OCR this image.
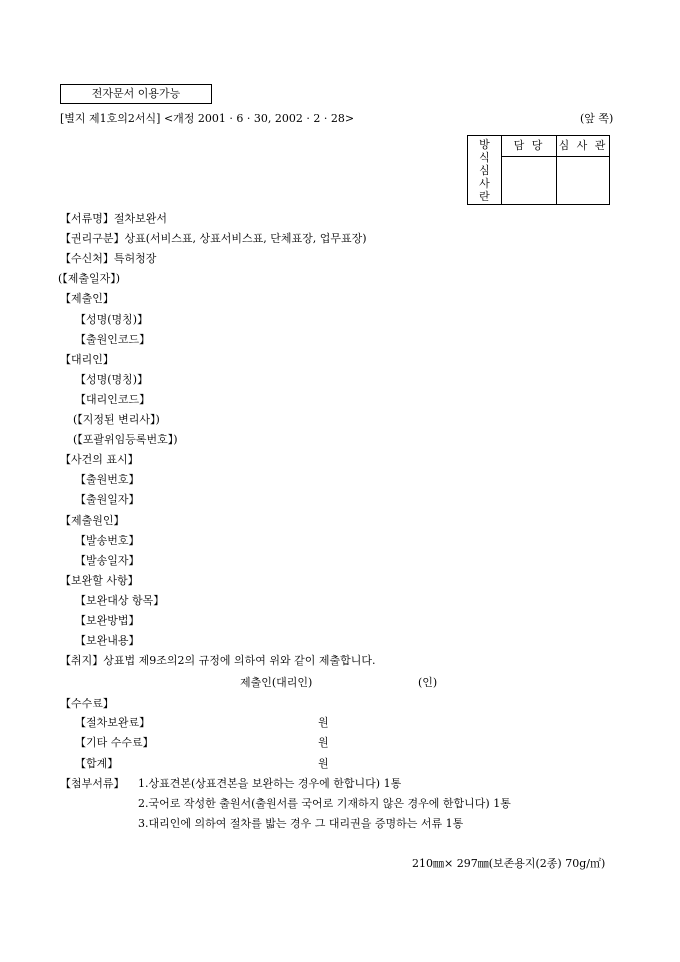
전자문서 이용가능
[별지 제1호의2서식] <개정 2001 · 6 · 30, 2002 · 2 · 28>	(앞 쪽)
방
식
심
사
란
담 당	심 사 관
【서류명】절차보완서
【권리구분】상표(서비스표, 상표서비스표, 단체표장, 업무표장)
【수신처】특허청장
(【제출일자】)
【제출인】
【성명(명칭)】
【출원인코드】
【대리인】
【성명(명칭)】
【대리인코드】
(【지정된 변리사】)
(【포괄위임등록번호】)
【사건의 표시】
【출원번호】
【출원일자】
【제출원인】
【발송번호】
【발송일자】
【보완할 사항】
【보완대상 항목】
【보완방법】
【보완내용】
【취지】상표법 제9조의2의 규정에 의하여 위와 같이 제출합니다.
제출인(대리인)	(인)
【수수료】
【절차보완료】	원
【기타 수수료】	원
【합계】	원
【첨부서류】 1.상표견본(상표견본을 보완하는 경우에 한합니다) 1통
2.국어로 작성한 출원서(출원서를 국어로 기재하지 않은 경우에 한합니다) 1통
3.대리인에 의하여 절차를 밟는 경우 그 대리권을 증명하는 서류 1통
210㎜× 297㎜(보존용지(2종) 70g/㎡)
